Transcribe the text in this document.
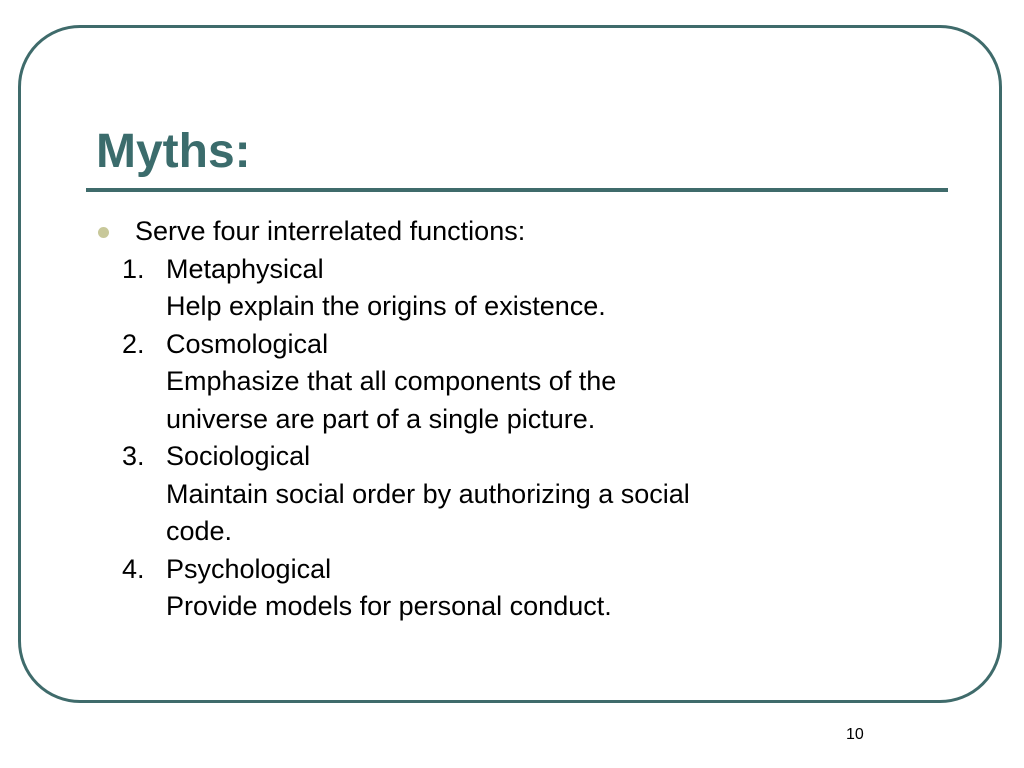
Myths:
Serve four interrelated functions:
1. Metaphysical
Help explain the origins of existence.
2. Cosmological
Emphasize that all components of the
universe are part of a single picture.
3. Sociological
Maintain social order by authorizing a social
code.
4. Psychological
Provide models for personal conduct.
10
